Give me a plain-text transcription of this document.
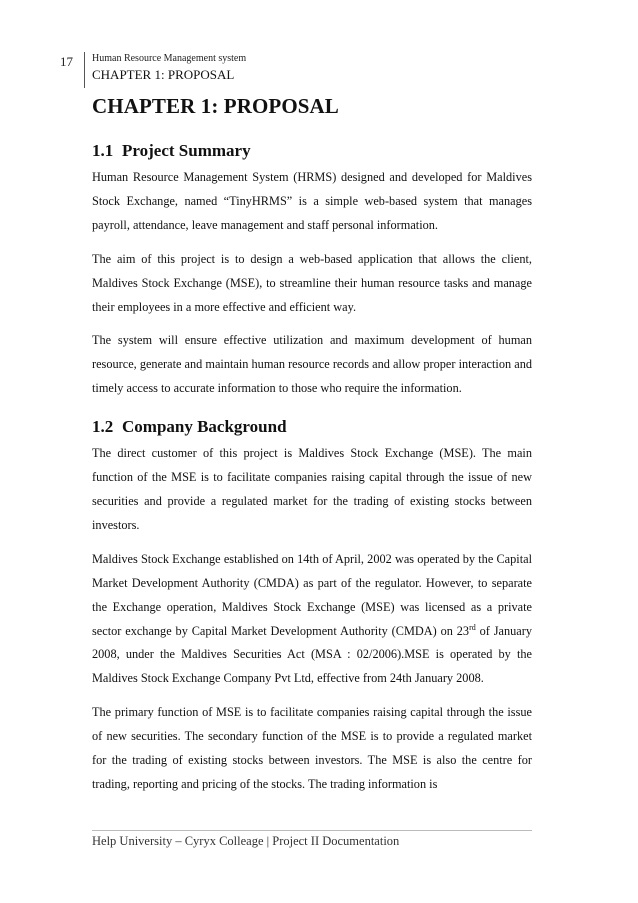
17 Human Resource Management system
CHAPTER 1: PROPOSAL
CHAPTER 1: PROPOSAL
1.1 Project Summary

Human Resource Management System (HRMS) designed and developed for Maldives Stock Exchange, named “TinyHRMS” is a simple web-based system that manages payroll, attendance, leave management and staff personal information.

The aim of this project is to design a web-based application that allows the client, Maldives Stock Exchange (MSE), to streamline their human resource tasks and manage their employees in a more effective and efficient way.

The system will ensure effective utilization and maximum development of human resource, generate and maintain human resource records and allow proper interaction and timely access to accurate information to those who require the information.

1.2 Company Background

The direct customer of this project is Maldives Stock Exchange (MSE). The main function of the MSE is to facilitate companies raising capital through the issue of new securities and provide a regulated market for the trading of existing stocks between investors.

Maldives Stock Exchange established on 14th of April, 2002 was operated by the Capital Market Development Authority (CMDA) as part of the regulator. However, to separate the Exchange operation, Maldives Stock Exchange (MSE) was licensed as a private sector exchange by Capital Market Development Authority (CMDA) on 23rd of January 2008, under the Maldives Securities Act (MSA : 02/2006).MSE is operated by the Maldives Stock Exchange Company Pvt Ltd, effective from 24th January 2008.

The primary function of MSE is to facilitate companies raising capital through the issue of new securities. The secondary function of the MSE is to provide a regulated market for the trading of existing stocks between investors. The MSE is also the centre for trading, reporting and pricing of the stocks. The trading information is

Help University – Cyryx Colleage | Project II Documentation
